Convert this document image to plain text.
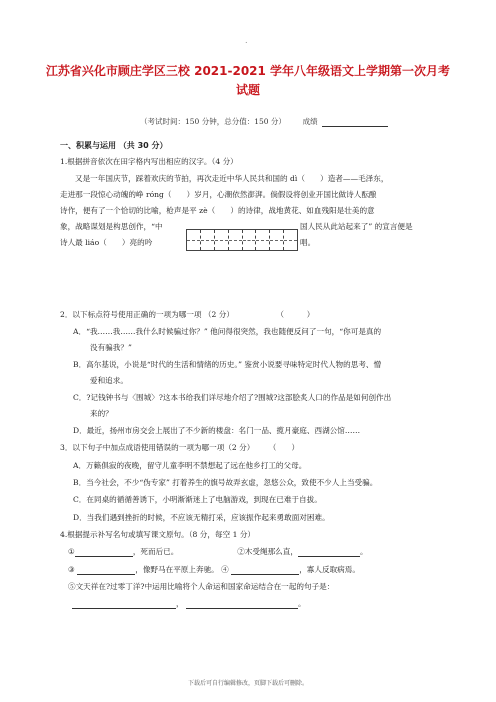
.
江苏省兴化市顾庄学区三校 2021-2021 学年八年级语文上学期第一次月考
试题
（考试时间：150 分钟，总分值：150 分） 成绩
一、积累与运用 （共 30 分）
1.根据拼音依次在田字格内写出相应的汉字。（4 分）
又是一年国庆节，踩着欢庆的节拍，再次走近中华人民共和国的 dì（　　）造者——毛泽东，
走进那一段惊心动魄的峥 róng（　　）岁月，心潮依然澎湃。倘假设将创业开国比做诗人酝酿
诗作，便有了一个恰切的比喻，枪声是平 zè（　　）的诗律，战地黄花、如血残阳是壮美的意
象，战略谋划是构思创作，“中
诗人最 liáo（　　）亮的吟
国人民从此站起来了” 的宣言便是
唱。
2．以下标点符号使用正确的一项为哪一项 （2 分）	（　　　）
A．“我……我……我什么时候骗过你？” 他问得很突然，我也随便反问了一句，“你可是真的
没有骗我？”
B．高尔基说，小说是“时代的生活和情绪的历史。” 鉴赏小说要寻味特定时代人物的思考、憎
爱和追求。
C．?记钱钟书与〈围城〉?这本书给我们详尽地介绍了?围城?这部脍炙人口的作品是如何创作出
来的？
D．最近，扬州市房交会上展出了不少新的楼盘：名门一品、揽月豪庭、西湖公馆……
3．以下句子中加点成语使用错误的一项为哪一项（2 分） （　　）
A．万籁俱寂的夜晚，留守儿童李明不禁想起了远在他乡打工的父母。
B．当今社会，不少“伪专家” 打着养生的旗号故弄玄虚，忽悠公众，致使不少人上当受骗。
C．在同桌的循循善诱下，小明渐渐迷上了电脑游戏，到现在已难于自拔。
D．当我们遇到挫折的时候，不应该无精打采，应该振作起来勇敢面对困难。
4.根据提示补写名句或填写课文原句。（8 分，每空 1 分）
①	，死而后已。	②木受绳那么直，	。
③	，像野马在平原上奔驰。 ④	，寡人反取病焉。
⑤文天祥在?过零丁洋?中运用比喻将个人命运和国家命运结合在一起的句子是：
，	。
下载后可自行编辑修改，页脚下载后可删除。
